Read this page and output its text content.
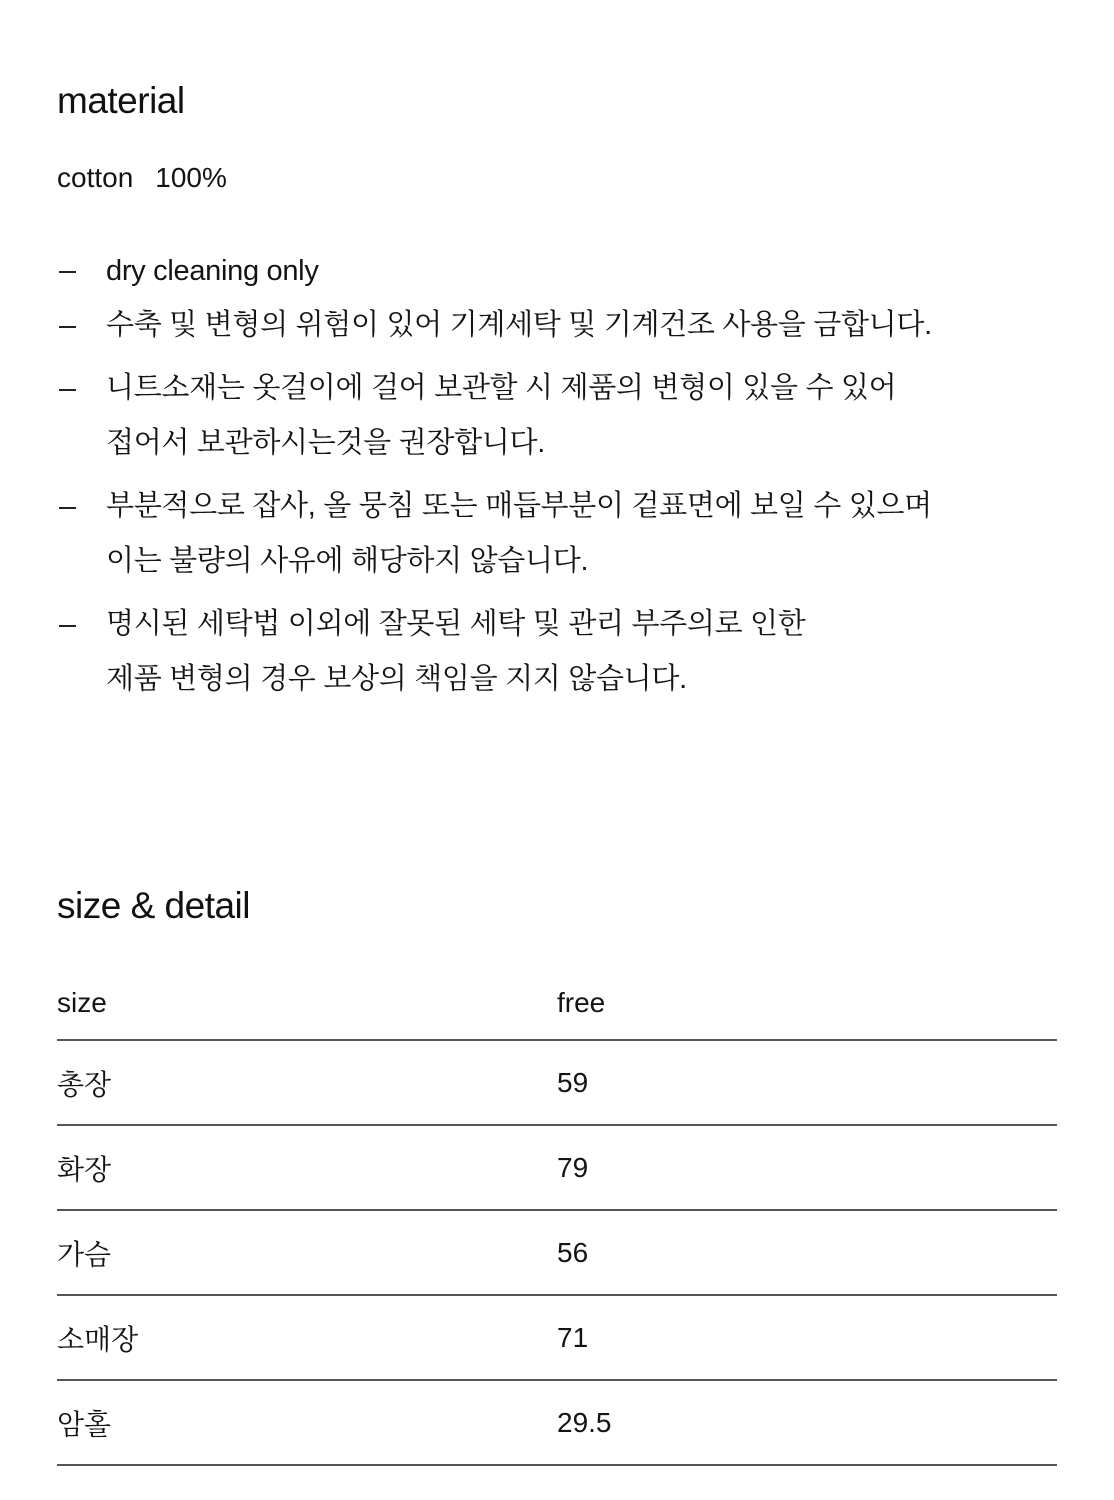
material
cotton 100%
dry cleaning only
수축 및 변형의 위험이 있어 기계세탁 및 기계건조 사용을 금합니다.
니트소재는 옷걸이에 걸어 보관할 시 제품의 변형이 있을 수 있어
접어서 보관하시는것을 권장합니다.
부분적으로 잡사, 올 뭉침 또는 매듭부분이 겉표면에 보일 수 있으며
이는 불량의 사유에 해당하지 않습니다.
명시된 세탁법 이외에 잘못된 세탁 및 관리 부주의로 인한
제품 변형의 경우 보상의 책임을 지지 않습니다.
size & detail
size	free
총장	59
화장	79
가슴	56
소매장	71
암홀	29.5
